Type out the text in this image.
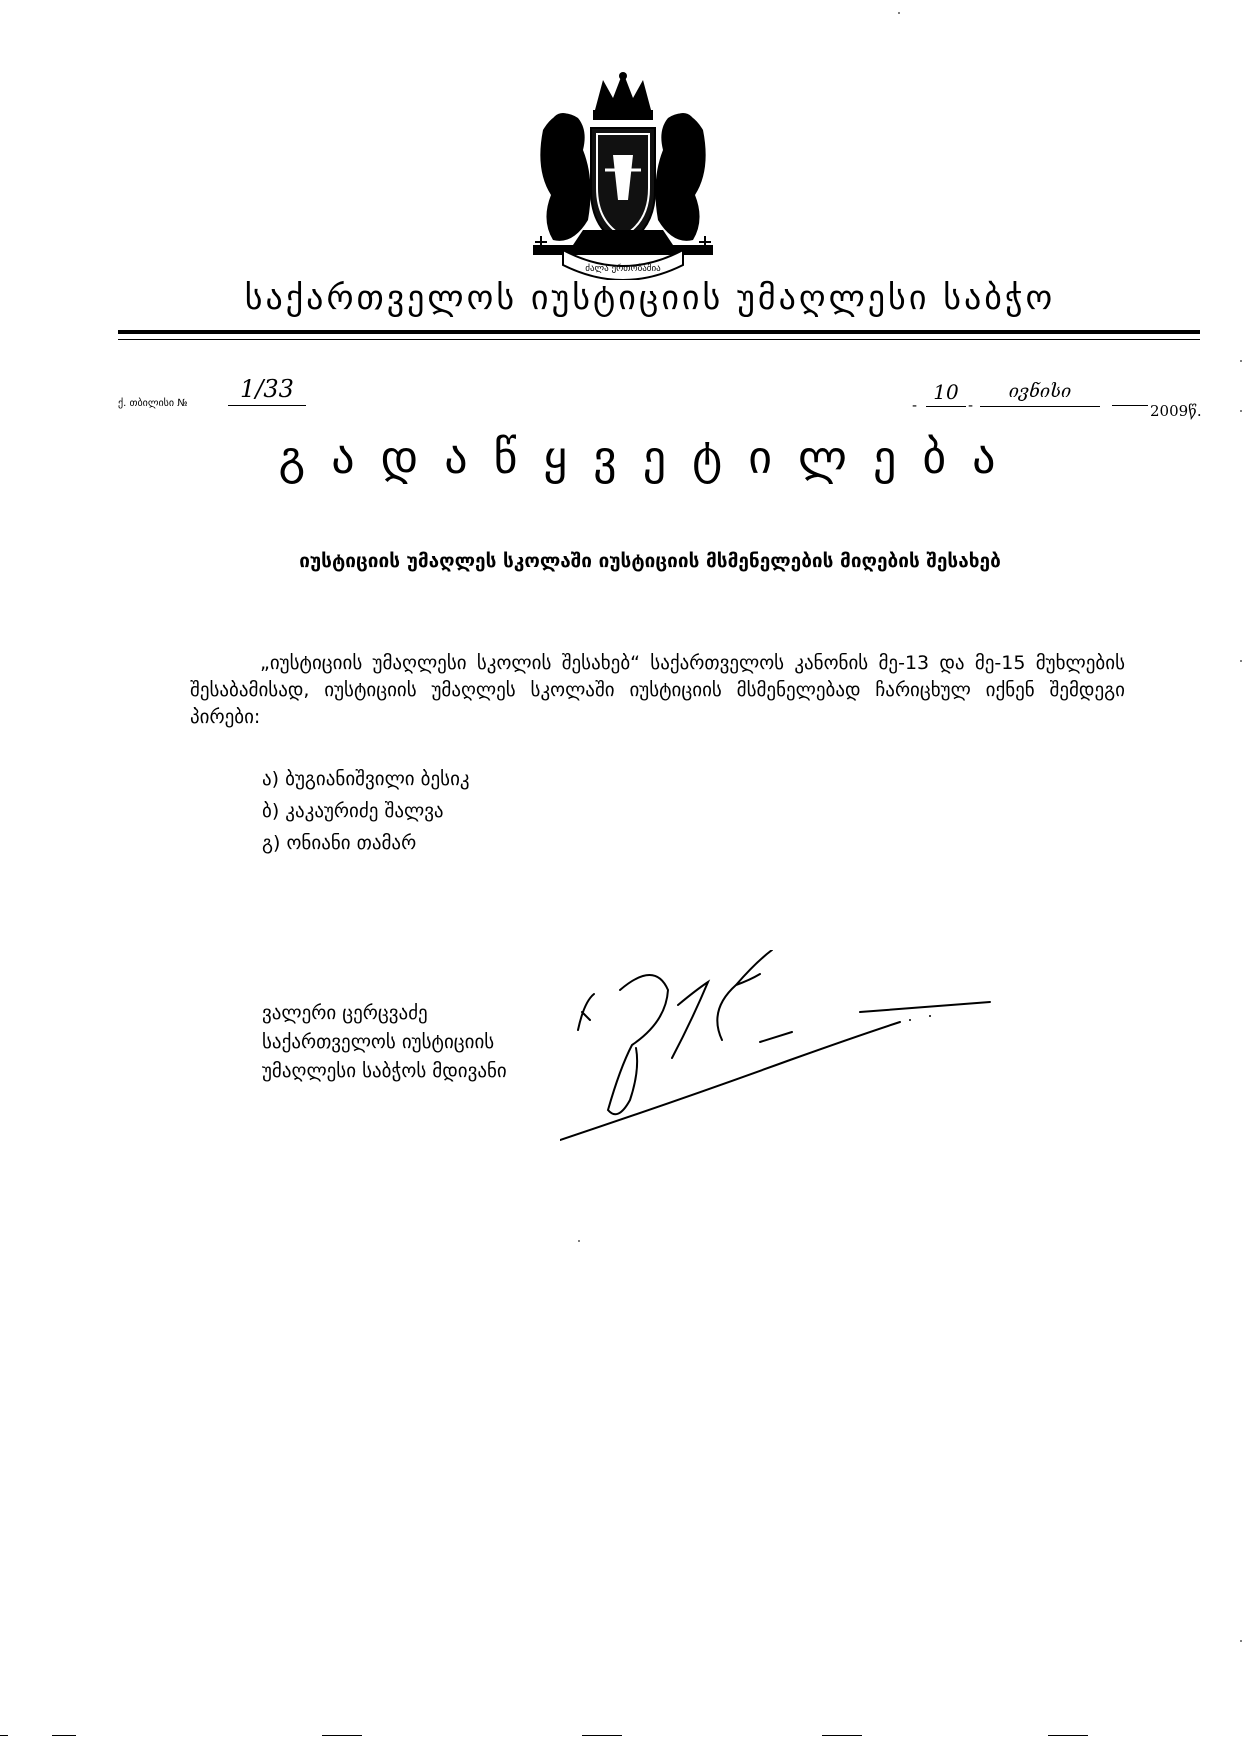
ძალა ერთობაშია
საქართველოს იუსტიციის უმაღლესი საბჭო
ქ. თბილისი №
1/33
-
10
-
ივნისი
2009წ.
გადაწყვეტილება
იუსტიციის უმაღლეს სკოლაში იუსტიციის მსმენელების მიღების შესახებ
„იუსტიციის უმაღლესი სკოლის შესახებ“ საქართველოს კანონის მე-13 და მე-15 მუხლების შესაბამისად, იუსტიციის უმაღლეს სკოლაში იუსტიციის მსმენელებად ჩარიცხულ იქნენ შემდეგი პირები:
ა) ბუგიანიშვილი ბესიკ
ბ) კაკაურიძე შალვა
გ) ონიანი თამარ
ვალერი ცერცვაძე
საქართველოს იუსტიციის
უმაღლესი საბჭოს მდივანი
